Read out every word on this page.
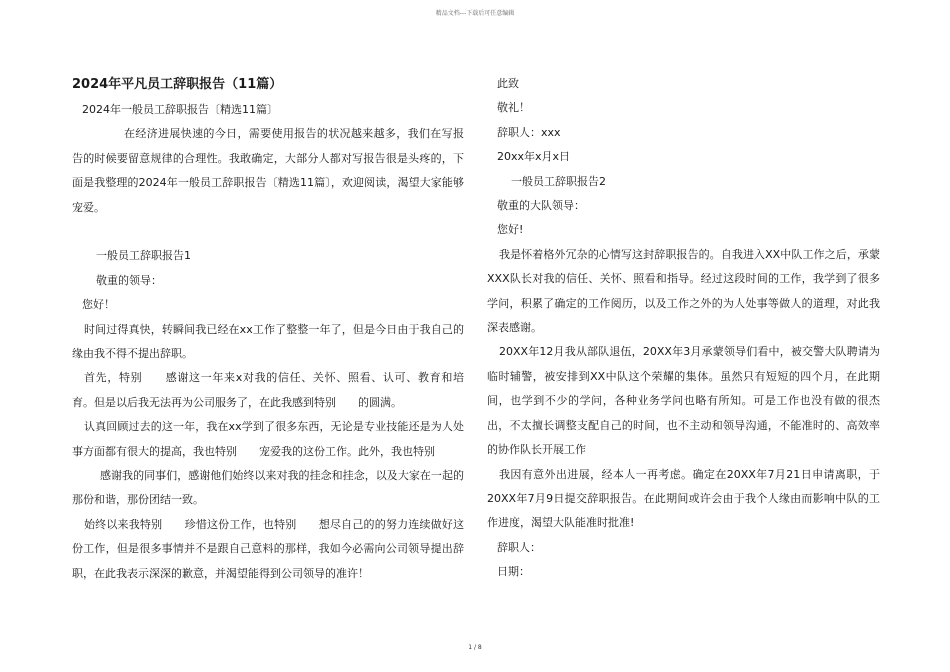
精品文档---下载后可任意编辑

2024年平凡员工辞职报告（11篇）

2024年一般员工辞职报告〔精选11篇〕

在经济进展快速的今日，需要使用报告的状况越来越多，我们在写报告的时候要留意规律的合理性。我敢确定，大部分人都对写报告很是头疼的，下面是我整理的2024年一般员工辞职报告〔精选11篇〕，欢迎阅读，渴望大家能够宠爱。

一般员工辞职报告1

敬重的领导：

您好！

时间过得真快，转瞬间我已经在xx工作了整整一年了，但是今日由于我自己的缘由我不得不提出辞职。

首先，特别　　感谢这一年来x对我的信任、关怀、照看、认可、教育和培育。但是以后我无法再为公司服务了，在此我感到特别　　的圆满。

认真回顾过去的这一年，我在xx学到了很多东西，无论是专业技能还是为人处事方面都有很大的提高，我也特别　　宠爱我的这份工作。此外，我也特别

感谢我的同事们，感谢他们始终以来对我的挂念和挂念，以及大家在一起的那份和谐，那份团结一致。

始终以来我特别　　珍惜这份工作，也特别　　想尽自己的的努力连续做好这份工作，但是很多事情并不是跟自己意料的那样，我如今必需向公司领导提出辞职，在此我表示深深的歉意，并渴望能得到公司领导的准许！

此致

敬礼！

辞职人：xxx

20xx年x月x日

一般员工辞职报告2

敬重的大队领导：

您好!

我是怀着格外冗杂的心情写这封辞职报告的。自我进入XX中队工作之后，承蒙XXX队长对我的信任、关怀、照看和指导。经过这段时间的工作，我学到了很多学问，积累了确定的工作阅历，以及工作之外的为人处事等做人的道理，对此我深表感谢。

20XX年12月我从部队退伍，20XX年3月承蒙领导们看中，被交警大队聘请为临时辅警，被安排到XX中队这个荣耀的集体。虽然只有短短的四个月，在此期间，也学到不少的学问，各种业务学问也略有所知。可是工作也没有做的很杰出，不太擅长调整支配自己的时间，也不主动和领导沟通，不能准时的、高效率的协作队长开展工作

我因有意外出进展，经本人一再考虑。确定在20XX年7月21日申请离职，于20XX年7月9日提交辞职报告。在此期间或许会由于我个人缘由而影响中队的工作进度，渴望大队能准时批准!

辞职人：

日期：

1 / 8
